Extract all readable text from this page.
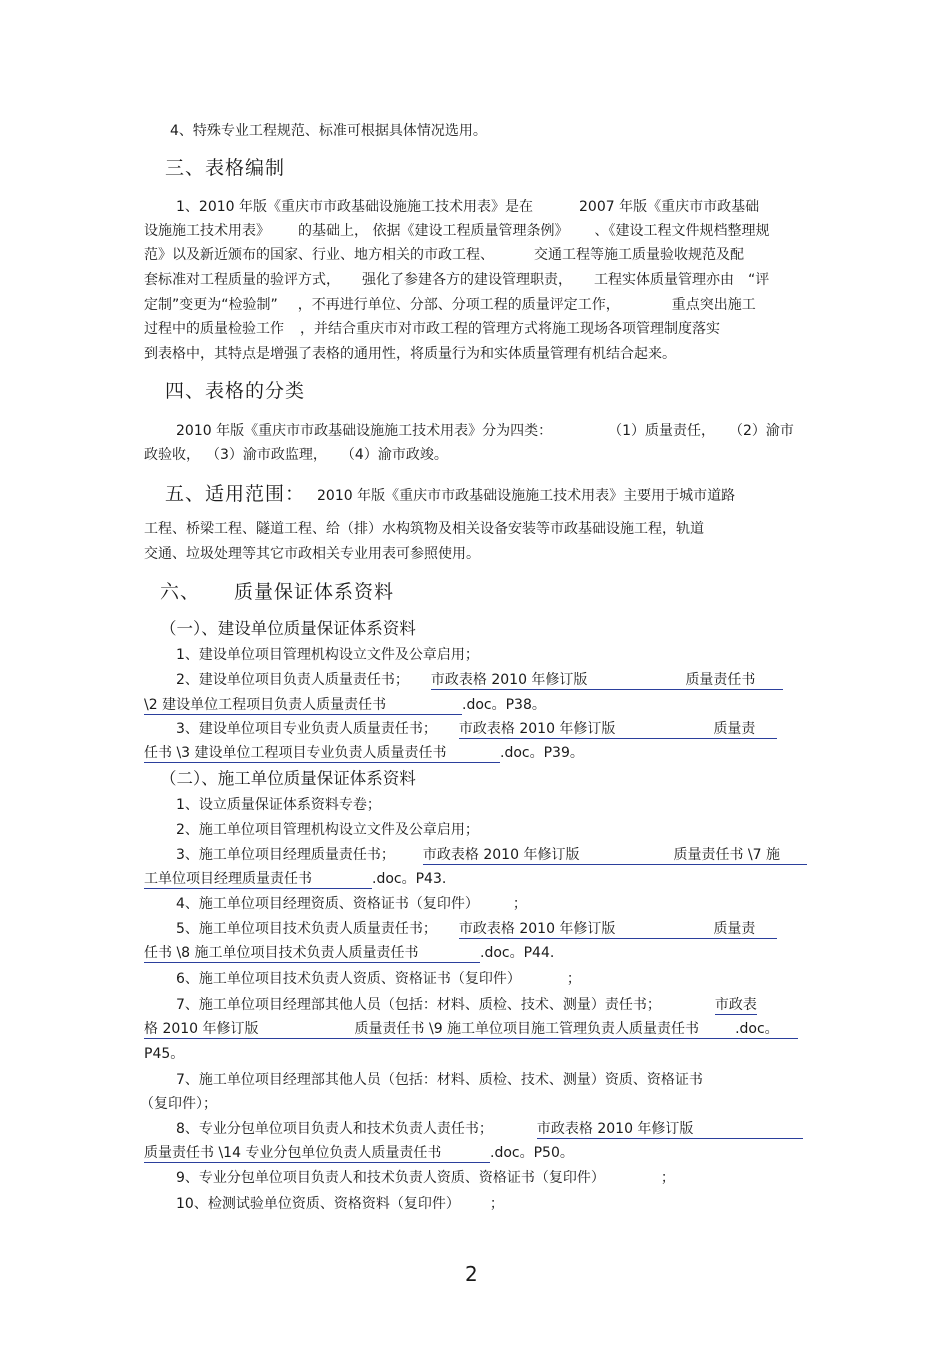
4、特殊专业工程规范、标准可根据具体情况选用。
三、表格编制
1、2010 年版《重庆市市政基础设施施工技术用表》是在	2007 年版《重庆市市政基础
设施施工技术用表》 的基础上， 依据《建设工程质量管理条例》 、《建设工程文件规档整理规
范》以及新近颁布的国家、行业、地方相关的市政工程、	交通工程等施工质量验收规范及配
套标准对工程质量的验评方式， 强化了参建各方的建设管理职责， 工程实体质量管理亦由 “评
定制”变更为“检验制” ，不再进行单位、分部、分项工程的质量评定工作，	重点突出施工
过程中的质量检验工作 ，并结合重庆市对市政工程的管理方式将施工现场各项管理制度落实
到表格中，其特点是增强了表格的通用性，将质量行为和实体质量管理有机结合起来。
四、表格的分类
2010 年版《重庆市市政基础设施施工技术用表》分为四类：	（1）质量责任， （2）渝市
政验收， （3）渝市政监理， （4）渝市政竣。
五、适用范围： 2010 年版《重庆市市政基础设施施工技术用表》主要用于城市道路
工程、桥梁工程、隧道工程、给（排）水构筑物及相关设备安装等市政基础设施工程，轨道
交通、垃圾处理等其它市政相关专业用表可参照使用。
六、 质量保证体系资料
（一）、建设单位质量保证体系资料
1、建设单位项目管理机构设立文件及公章启用；
2、建设单位项目负责人质量责任书； 市政表格 2010 年修订版	质量责任书
\2 建设单位工程项目负责人质量责任书	.doc。P38。
3、建设单位项目专业负责人质量责任书； 市政表格 2010 年修订版	质量责
任书 \3 建设单位工程项目专业负责人质量责任书	.doc。P39。
（二）、施工单位质量保证体系资料
1、设立质量保证体系资料专卷；
2、施工单位项目管理机构设立文件及公章启用；
3、施工单位项目经理质量责任书； 市政表格 2010 年修订版	质量责任书 \7 施
工单位项目经理质量责任书	.doc。P43.
4、施工单位项目经理资质、资格证书（复印件） ；
5、施工单位项目技术负责人质量责任书； 市政表格 2010 年修订版	质量责
任书 \8 施工单位项目技术负责人质量责任书	.doc。P44.
6、施工单位项目技术负责人资质、资格证书（复印件）	；
7、施工单位项目经理部其他人员（包括：材料、质检、技术、测量）责任书；	市政表
格 2010 年修订版	质量责任书 \9 施工单位项目施工管理负责人质量责任书	.doc。
P45。
7、施工单位项目经理部其他人员（包括：材料、质检、技术、测量）资质、资格证书
（复印件）；
8、专业分包单位项目负责人和技术负责人责任书；	市政表格 2010 年修订版
质量责任书 \14 专业分包单位负责人质量责任书	.doc。P50。
9、专业分包单位项目负责人和技术负责人资质、资格证书（复印件）	；
10、检测试验单位资质、资格资料（复印件） ；
2
